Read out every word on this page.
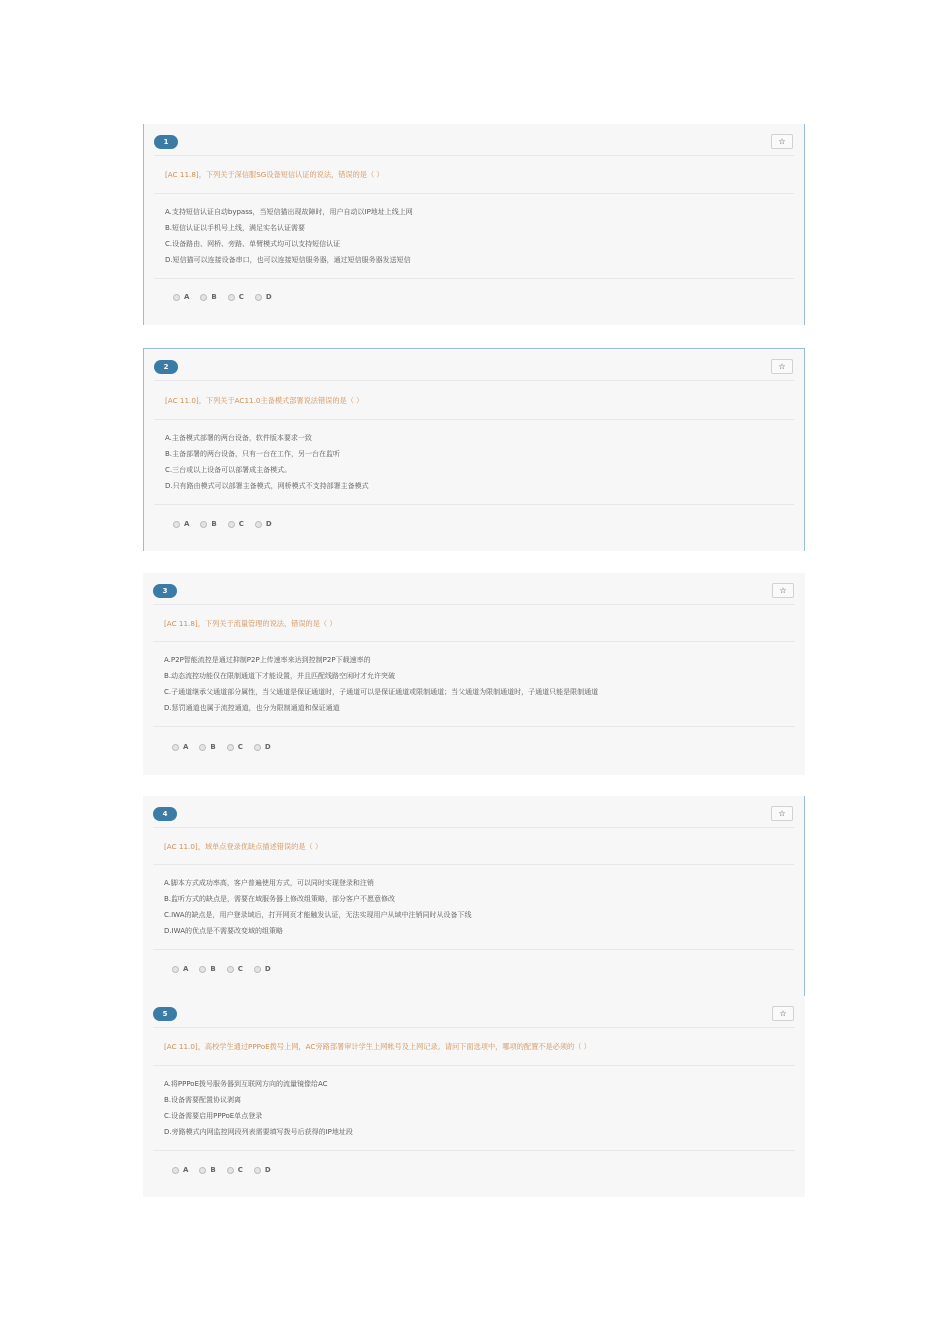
1	☆
[AC 11.8]，下列关于深信服SG设备短信认证的说法，错误的是（ ）
A.支持短信认证自动bypass，当短信猫出现故障时，用户自动以IP地址上线上网
B.短信认证以手机号上线，满足实名认证需要
C.设备路由、网桥、旁路、单臂模式均可以支持短信认证
D.短信猫可以连接设备串口，也可以连接短信服务器，通过短信服务器发送短信
A	B	C	D
2	☆
[AC 11.0]，下列关于AC11.0主备模式部署说法错误的是（ ）
A.主备模式部署的两台设备，软件版本要求一致
B.主备部署的两台设备，只有一台在工作，另一台在监听
C.三台或以上设备可以部署成主备模式。
D.只有路由模式可以部署主备模式，网桥模式不支持部署主备模式
A	B	C	D
3	☆
[AC 11.8]，下列关于流量管理的说法，错误的是（ ）
A.P2P智能流控是通过抑制P2P上传速率来达到控制P2P下载速率的
B.动态流控功能仅在限制通道下才能设置，并且匹配线路空闲时才允许突破
C.子通道继承父通道部分属性，当父通道是保证通道时，子通道可以是保证通道或限制通道；当父通道为限制通道时，子通道只能是限制通道
D.惩罚通道也属于流控通道，也分为限制通道和保证通道
A	B	C	D
4	☆
[AC 11.0]，域单点登录优缺点描述错误的是（ ）
A.脚本方式成功率高，客户普遍使用方式，可以同时实现登录和注销
B.监听方式的缺点是，需要在域服务器上修改组策略，部分客户不愿意修改
C.IWA的缺点是，用户登录域后，打开网页才能触发认证，无法实现用户从域中注销同时从设备下线
D.IWA的优点是不需要改变域的组策略
A	B	C	D
5	☆
[AC 11.0]，高校学生通过PPPoE拨号上网，AC旁路部署审计学生上网帐号及上网记录。请问下面选项中，哪项的配置不是必须的（ ）
A.将PPPoE拨号服务器到互联网方向的流量镜像给AC
B.设备需要配置协议剥离
C.设备需要启用PPPoE单点登录
D.旁路模式内网监控网段列表需要填写拨号后获得的IP地址段
A	B	C	D
